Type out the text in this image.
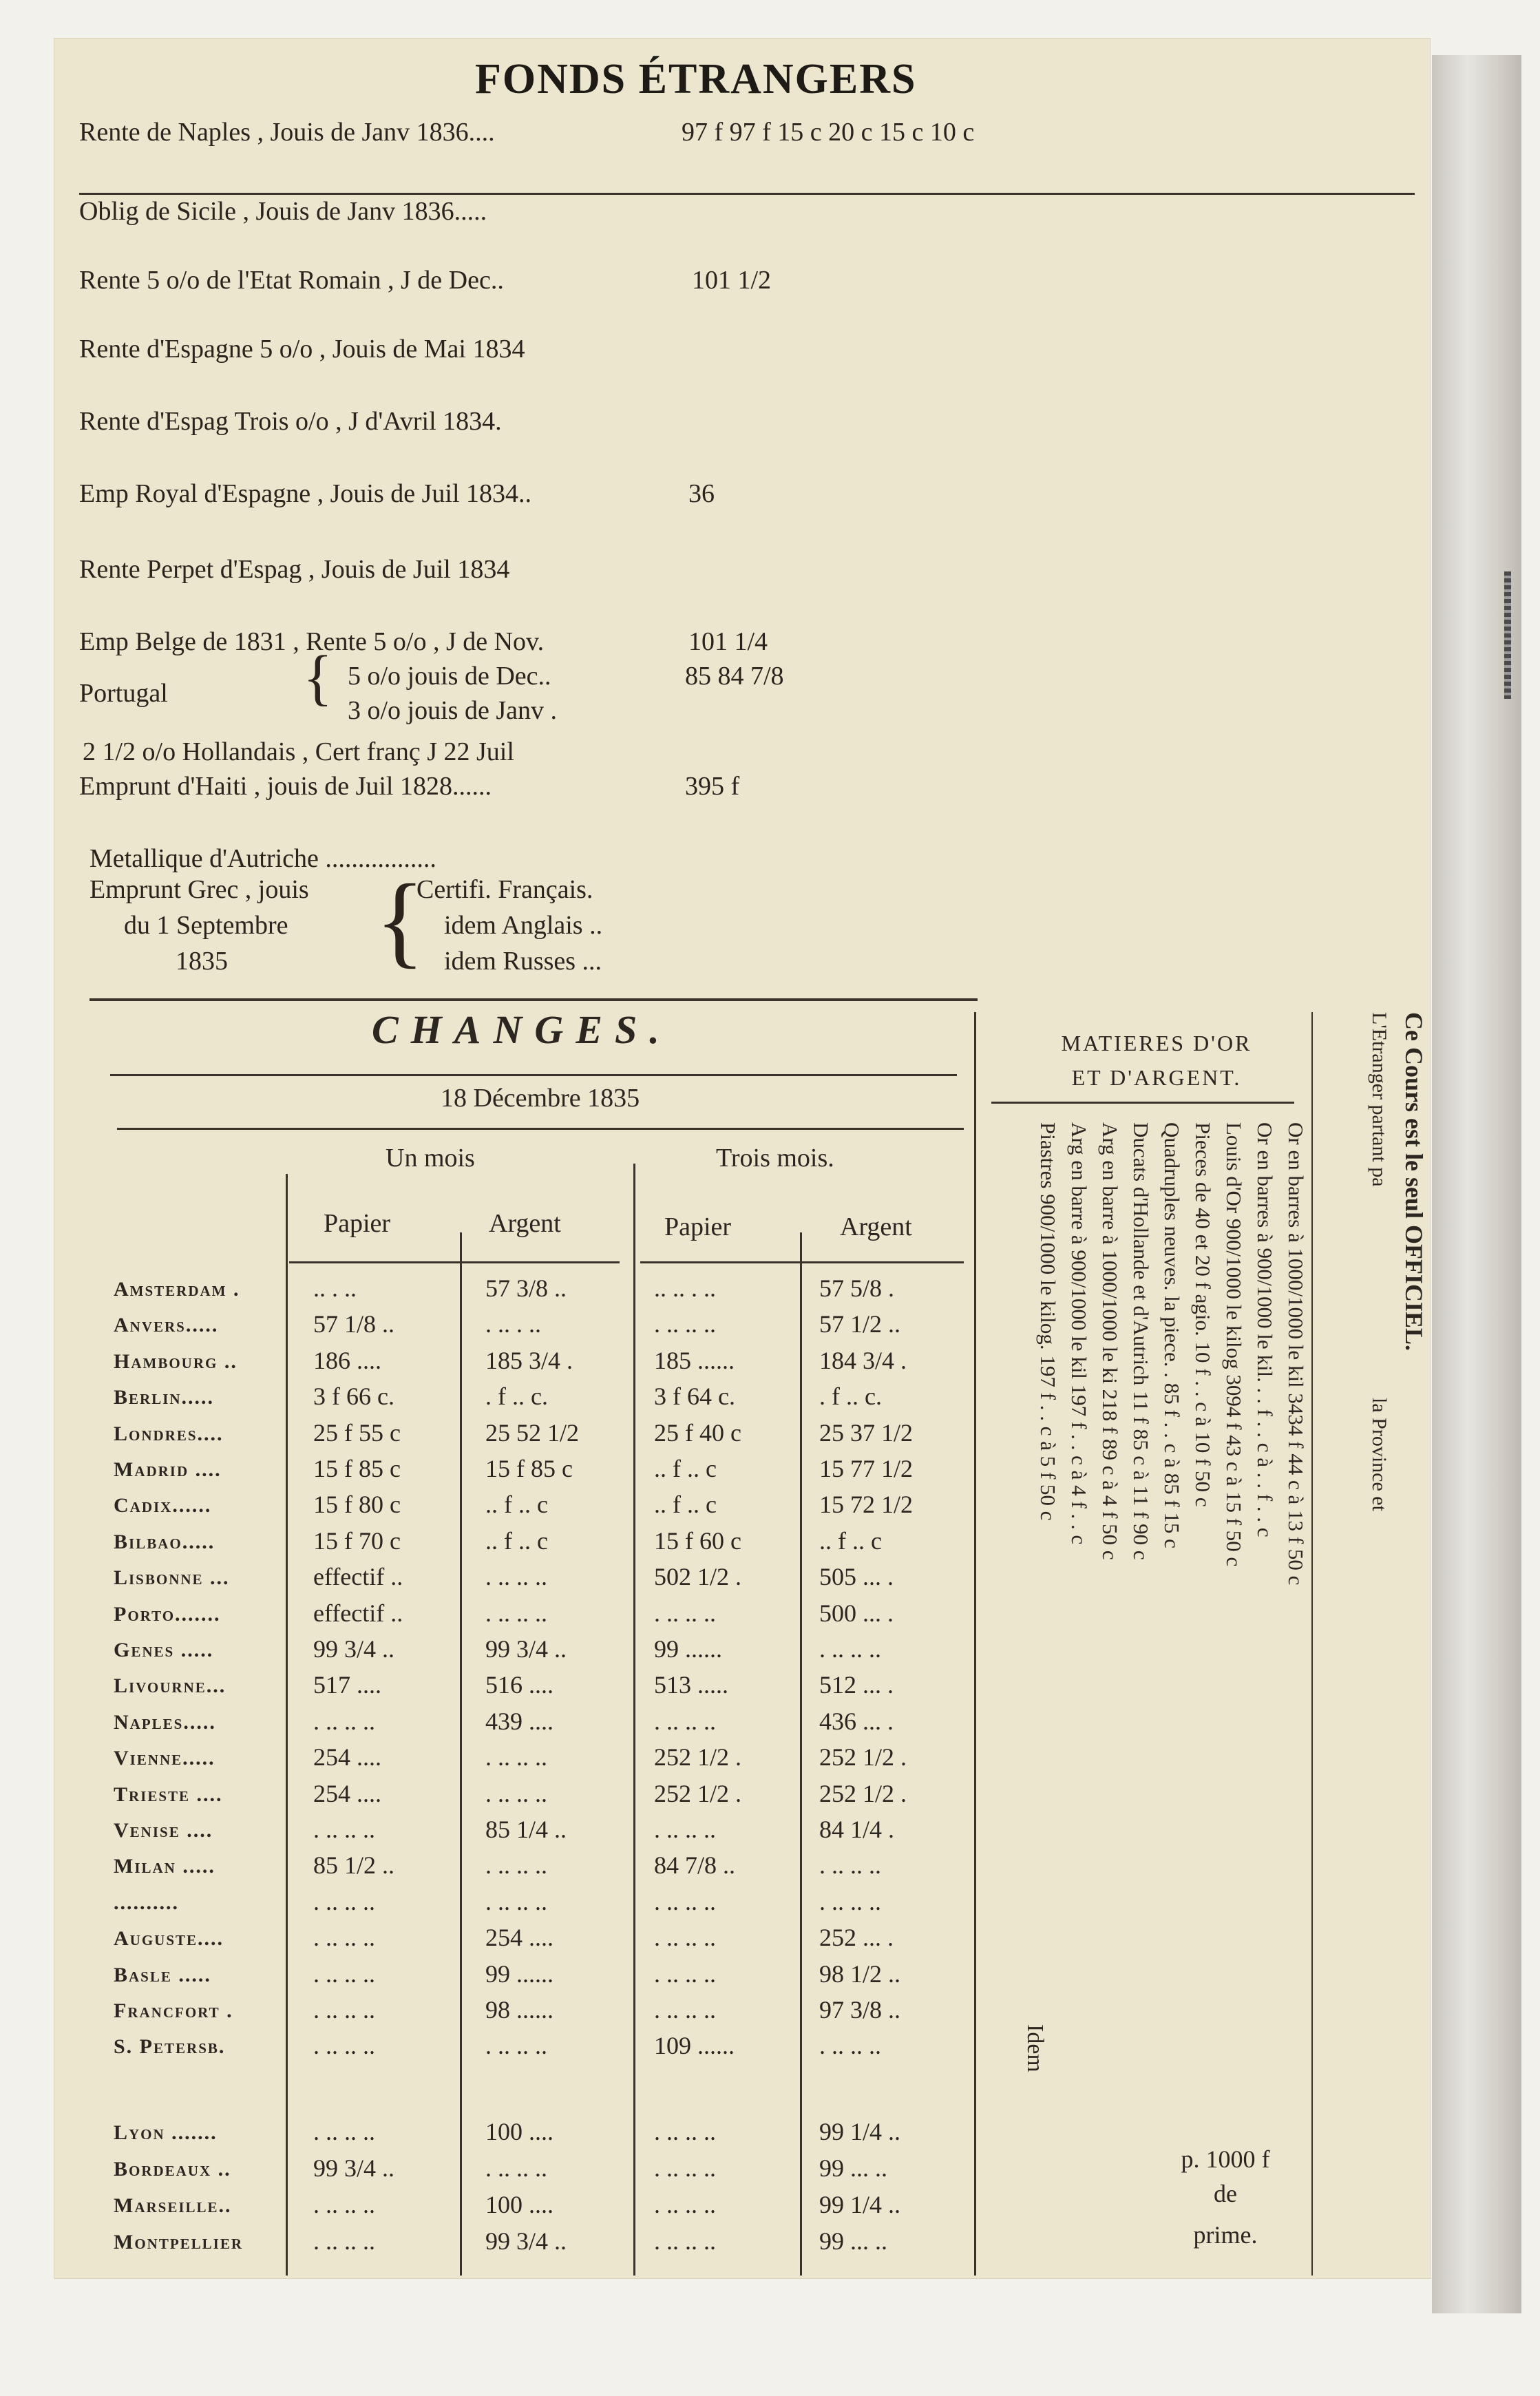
FONDS ÉTRANGERS
Rente de Naples , Jouis de Janv 1836....	97 f 97 f 15 c 20 c 15 c 10 c
Oblig de Sicile , Jouis de Janv 1836.....
Rente 5 o/o de l'Etat Romain , J de Dec..	101 1/2
Rente d'Espagne 5 o/o , Jouis de Mai 1834
Rente d'Espag Trois o/o , J d'Avril 1834.
Emp Royal d'Espagne , Jouis de Juil 1834..	36
Rente Perpet d'Espag , Jouis de Juil 1834
Emp Belge de 1831 , Rente 5 o/o , J de Nov.	101 1/4
5 o/o jouis de Dec..	85 84 7/8
3 o/o jouis de Janv .
2 1/2 o/o Hollandais , Cert franç J 22 Juil
Emprunt d'Haiti , jouis de Juil 1828......	395 f
Metallique d'Autriche .................
{
Portugal
Emprunt Grec , jouis
du 1 Septembre
1835 {
Certifi. Français.
idem Anglais ..
idem Russes ...
CHANGES.
18 Décembre 1835
Un mois	Trois mois.
Papier	Argent	Papier	Argent
Amsterdam .	.. . ..	57 3/8 ..	.. .. . ..	57 5/8 .
Anvers.....	57 1/8 ..	. .. . ..	. .. .. ..	57 1/2 ..
Hambourg ..	186 ....	185 3/4 .	185 ......	184 3/4 .
Berlin.....	3 f 66 c.	. f .. c.	3 f 64 c.	. f .. c.
Londres....	25 f 55 c	25 52 1/2	25 f 40 c	25 37 1/2
Madrid ....	15 f 85 c	15 f 85 c	.. f .. c	15 77 1/2
Cadix......	15 f 80 c	.. f .. c	.. f .. c	15 72 1/2
Bilbao.....	15 f 70 c	.. f .. c	15 f 60 c	.. f .. c
Lisbonne ...	effectif ..	. .. .. ..	502 1/2 .	505 ... .
Porto.......	effectif ..	. .. .. ..	. .. .. ..	500 ... .
Genes .....	99 3/4 ..	99 3/4 ..	99 ......	. .. .. ..
Livourne...	517 ....	516 ....	513 .....	512 ... .
Naples.....	. .. .. ..	439 ....	. .. .. ..	436 ... .
Vienne.....	254 ....	. .. .. ..	252 1/2 .	252 1/2 .
Trieste ....	254 ....	. .. .. ..	252 1/2 .	252 1/2 .
Venise ....	. .. .. ..	85 1/4 ..	. .. .. ..	84 1/4 .
Milan .....	85 1/2 ..	. .. .. ..	84 7/8 ..	. .. .. ..
..........	. .. .. ..	. .. .. ..	. .. .. ..	. .. .. ..
Auguste....	. .. .. ..	254 ....	. .. .. ..	252 ... .
Basle .....	. .. .. ..	99 ......	. .. .. ..	98 1/2 ..
Francfort .	. .. .. ..	98 ......	. .. .. ..	97 3/8 ..
S. Petersb.	. .. .. ..	. .. .. ..	109 ......	. .. .. ..
Lyon .......	. .. .. ..	100 ....	. .. .. ..	99 1/4 ..
Bordeaux ..	99 3/4 ..	. .. .. ..	. .. .. ..	99 ... ..
Marseille..	. .. .. ..	100 ....	. .. .. ..	99 1/4 ..
Montpellier	. .. .. ..	99 3/4 ..	. .. .. ..	99 ... ..
MATIERES D'OR
ET D'ARGENT.
Or en barres à 1000/1000 le kil 3434 f 44 c à 13 f 50 c
Or en barres à 900/1000 le kil. . . f . . c à . . f . . c
Louis d'Or 900/1000 le kilog 3094 f 43 c à 15 f 50 c
Pieces de 40 et 20 f agio. 10 f . . c à 10 f 50 c
Quadruples neuves. la piece. . 85 f . . c à 85 f 15 c
Ducats d'Hollande et d'Autrich 11 f 85 c à 11 f 90 c
Arg en barre à 1000/1000 le ki 218 f 89 c à 4 f 50 c
Arg en barre à 900/1000 le kil 197 f . . c à 4 f . . c
Piastres 900/1000 le kilog. 197 f . . c à 5 f 50 c
Idem
p. 1000 f
de
prime.
Ce Cours est le seul OFFICIEL.
L'Etranger partant pa
la Province et
